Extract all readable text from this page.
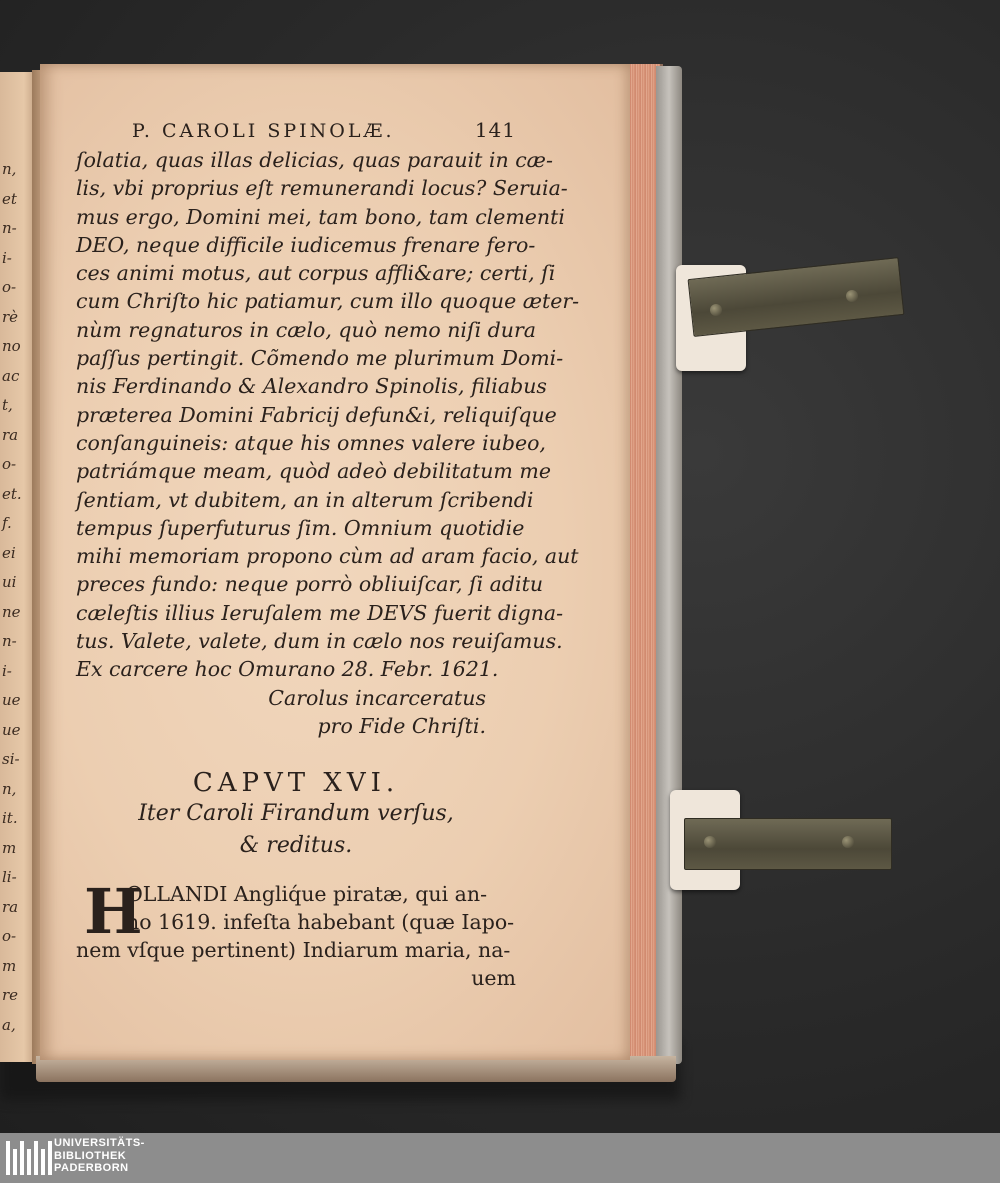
n,
et
n-
i-
o-
rè
no
ac
t,
ra
o-
et.
f.
ei
ui
ne
n-
i-
ue
ue
si-
n,
it.
m
li-
ra
o-
m
re
a,
P. CAROLI SPINOLÆ.	141
ſolatia, quas illas delicias, quas parauit in cæ-
lis, vbi proprius eſt remunerandi locus? Seruia-
mus ergo, Domini mei, tam bono, tam clementi
DEO, neque difficile iudicemus frenare fero-
ces animi motus, aut corpus affli&are; certi, ſi
cum Chriſto hic patiamur, cum illo quoque æter-
nùm regnaturos in cælo, quò nemo niſi dura
paſſus pertingit. Cõmendo me plurimum Domi-
nis Ferdinando & Alexandro Spinolis, filiabus
præterea Domini Fabricij defun&i, reliquiſque
conſanguineis: atque his omnes valere iubeo,
patriámque meam, quòd adeò debilitatum me
ſentiam, vt dubitem, an in alterum ſcribendi
tempus ſuperfuturus ſim. Omnium quotidie
mihi memoriam propono cùm ad aram facio, aut
preces fundo: neque porrò obliuiſcar, ſi aditu
cæleſtis illius Ieruſalem me DEVS fuerit digna-
tus. Valete, valete, dum in cælo nos reuiſamus.
Ex carcere hoc Omurano 28. Febr. 1621.
Carolus incarceratus
pro Fide Chriſti.
CAPVT XVI.
Iter Caroli Firandum verſus,
& reditus.
H
OLLANDI Angliq́ue piratæ, qui an-
no 1619. infeſta habebant (quæ Iapo-
nem vſque pertinent) Indiarum maria, na-
uem
UNIVERSITÄTS-
BIBLIOTHEK
PADERBORN
